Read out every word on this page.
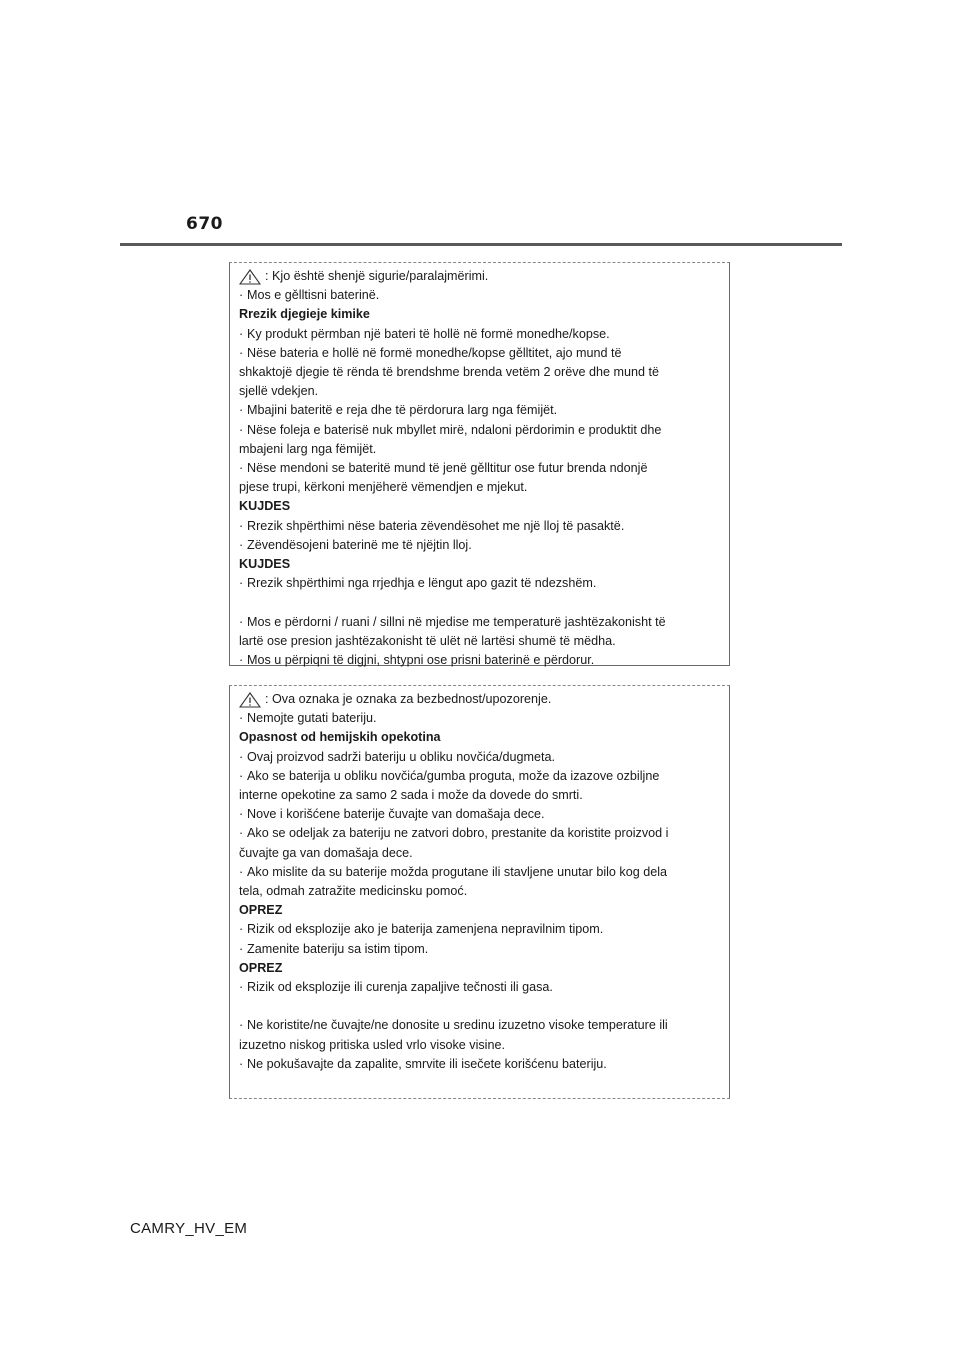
670
: Kjo është shenjë sigurie/paralajmërimi.
· Mos e gělltisni baterinë.
Rrezik djegieje kimike
· Ky produkt përmban një bateri të hollë në formë monedhe/kopse.
· Nëse bateria e hollë në formë monedhe/kopse gělltitet, ajo mund të
shkaktojë djegie të rënda të brendshme brenda vetëm 2 orëve dhe mund të
sjellë vdekjen.
· Mbajini bateritë e reja dhe të përdorura larg nga fëmijët.
· Nëse foleja e baterisë nuk mbyllet mirë, ndaloni përdorimin e produktit dhe
mbajeni larg nga fëmijët.
· Nëse mendoni se bateritë mund të jenë gělltitur ose futur brenda ndonjë
pjese trupi, kërkoni menjëherë vëmendjen e mjekut.
KUJDES
· Rrezik shpërthimi nëse bateria zëvendësohet me një lloj të pasaktë.
· Zëvendësojeni baterinë me të njëjtin lloj.
KUJDES
· Rrezik shpërthimi nga rrjedhja e lëngut apo gazit të ndezshëm.
· Mos e përdorni / ruani / sillni në mjedise me temperaturë jashtëzakonisht të
lartë ose presion jashtëzakonisht të ulët në lartësi shumë të mëdha.
· Mos u përpiqni të digjni, shtypni ose prisni baterinë e përdorur.
: Ova oznaka je oznaka za bezbednost/upozorenje.
· Nemojte gutati bateriju.
Opasnost od hemijskih opekotina
· Ovaj proizvod sadrži bateriju u obliku novčića/dugmeta.
· Ako se baterija u obliku novčića/gumba proguta, može da izazove ozbiljne
interne opekotine za samo 2 sada i može da dovede do smrti.
· Nove i korišćene baterije čuvajte van domašaja dece.
· Ako se odeljak za bateriju ne zatvori dobro, prestanite da koristite proizvod i
čuvajte ga van domašaja dece.
· Ako mislite da su baterije možda progutane ili stavljene unutar bilo kog dela
tela, odmah zatražite medicinsku pomoć.
OPREZ
· Rizik od eksplozije ako je baterija zamenjena nepravilnim tipom.
· Zamenite bateriju sa istim tipom.
OPREZ
· Rizik od eksplozije ili curenja zapaljive tečnosti ili gasa.
· Ne koristite/ne čuvajte/ne donosite u sredinu izuzetno visoke temperature ili
izuzetno niskog pritiska usled vrlo visoke visine.
· Ne pokušavajte da zapalite, smrvite ili isečete korišćenu bateriju.
CAMRY_HV_EM
